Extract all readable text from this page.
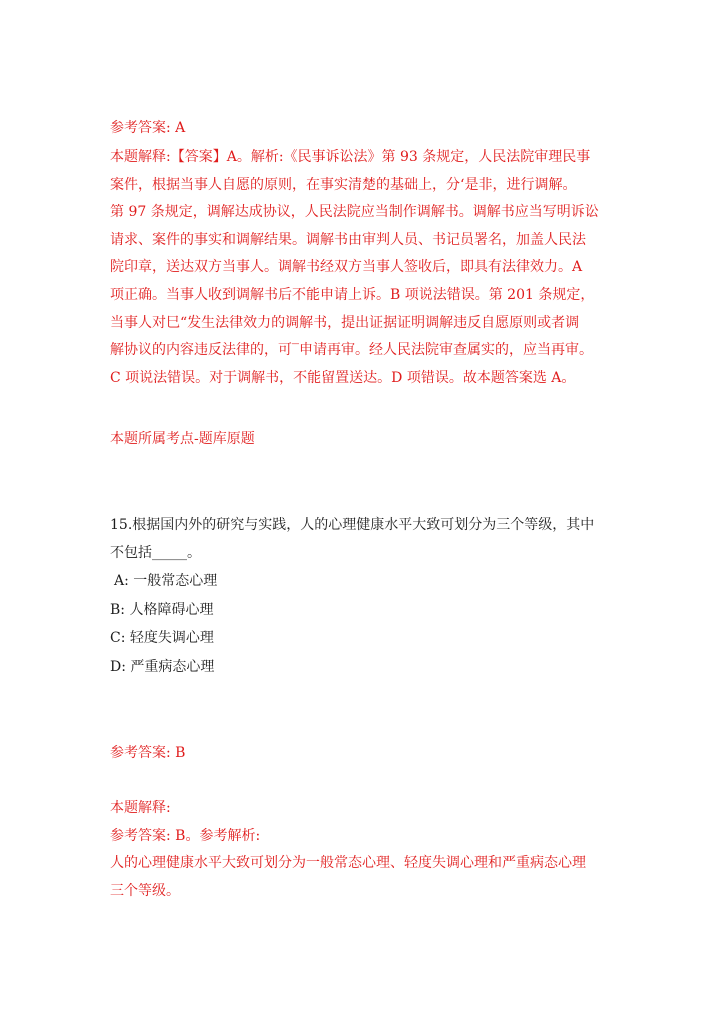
参考答案: A
本题解释:【答案】A。解析:《民事诉讼法》第 93 条规定，人民法院审理民事
案件，根据当事人自愿的原则，在事实清楚的基础上，分‘是非，进行调解。
第 97 条规定，调解达成协议，人民法院应当制作调解书。调解书应当写明诉讼
请求、案件的事实和调解结果。调解书由审判人员、书记员署名，加盖人民法
院印章，送达双方当事人。调解书经双方当事人签收后，即具有法律效力。A
项正确。当事人收到调解书后不能申请上诉。B 项说法错误。第 201 条规定，
当事人对巳“发生法律效力的调解书，提出证据证明调解违反自愿原则或者调
解协议的内容违反法律的，可‾申请再审。经人民法院审查属实的，应当再审。
C 项说法错误。对于调解书，不能留置送达。D 项错误。故本题答案选 A。
本题所属考点-题库原题
15.根据国内外的研究与实践，人的心理健康水平大致可划分为三个等级，其中
不包括_____。
A: 一般常态心理
B: 人格障碍心理
C: 轻度失调心理
D: 严重病态心理
参考答案: B
本题解释:
参考答案: B。参考解析:
人的心理健康水平大致可划分为一般常态心理、轻度失调心理和严重病态心理
三个等级。
